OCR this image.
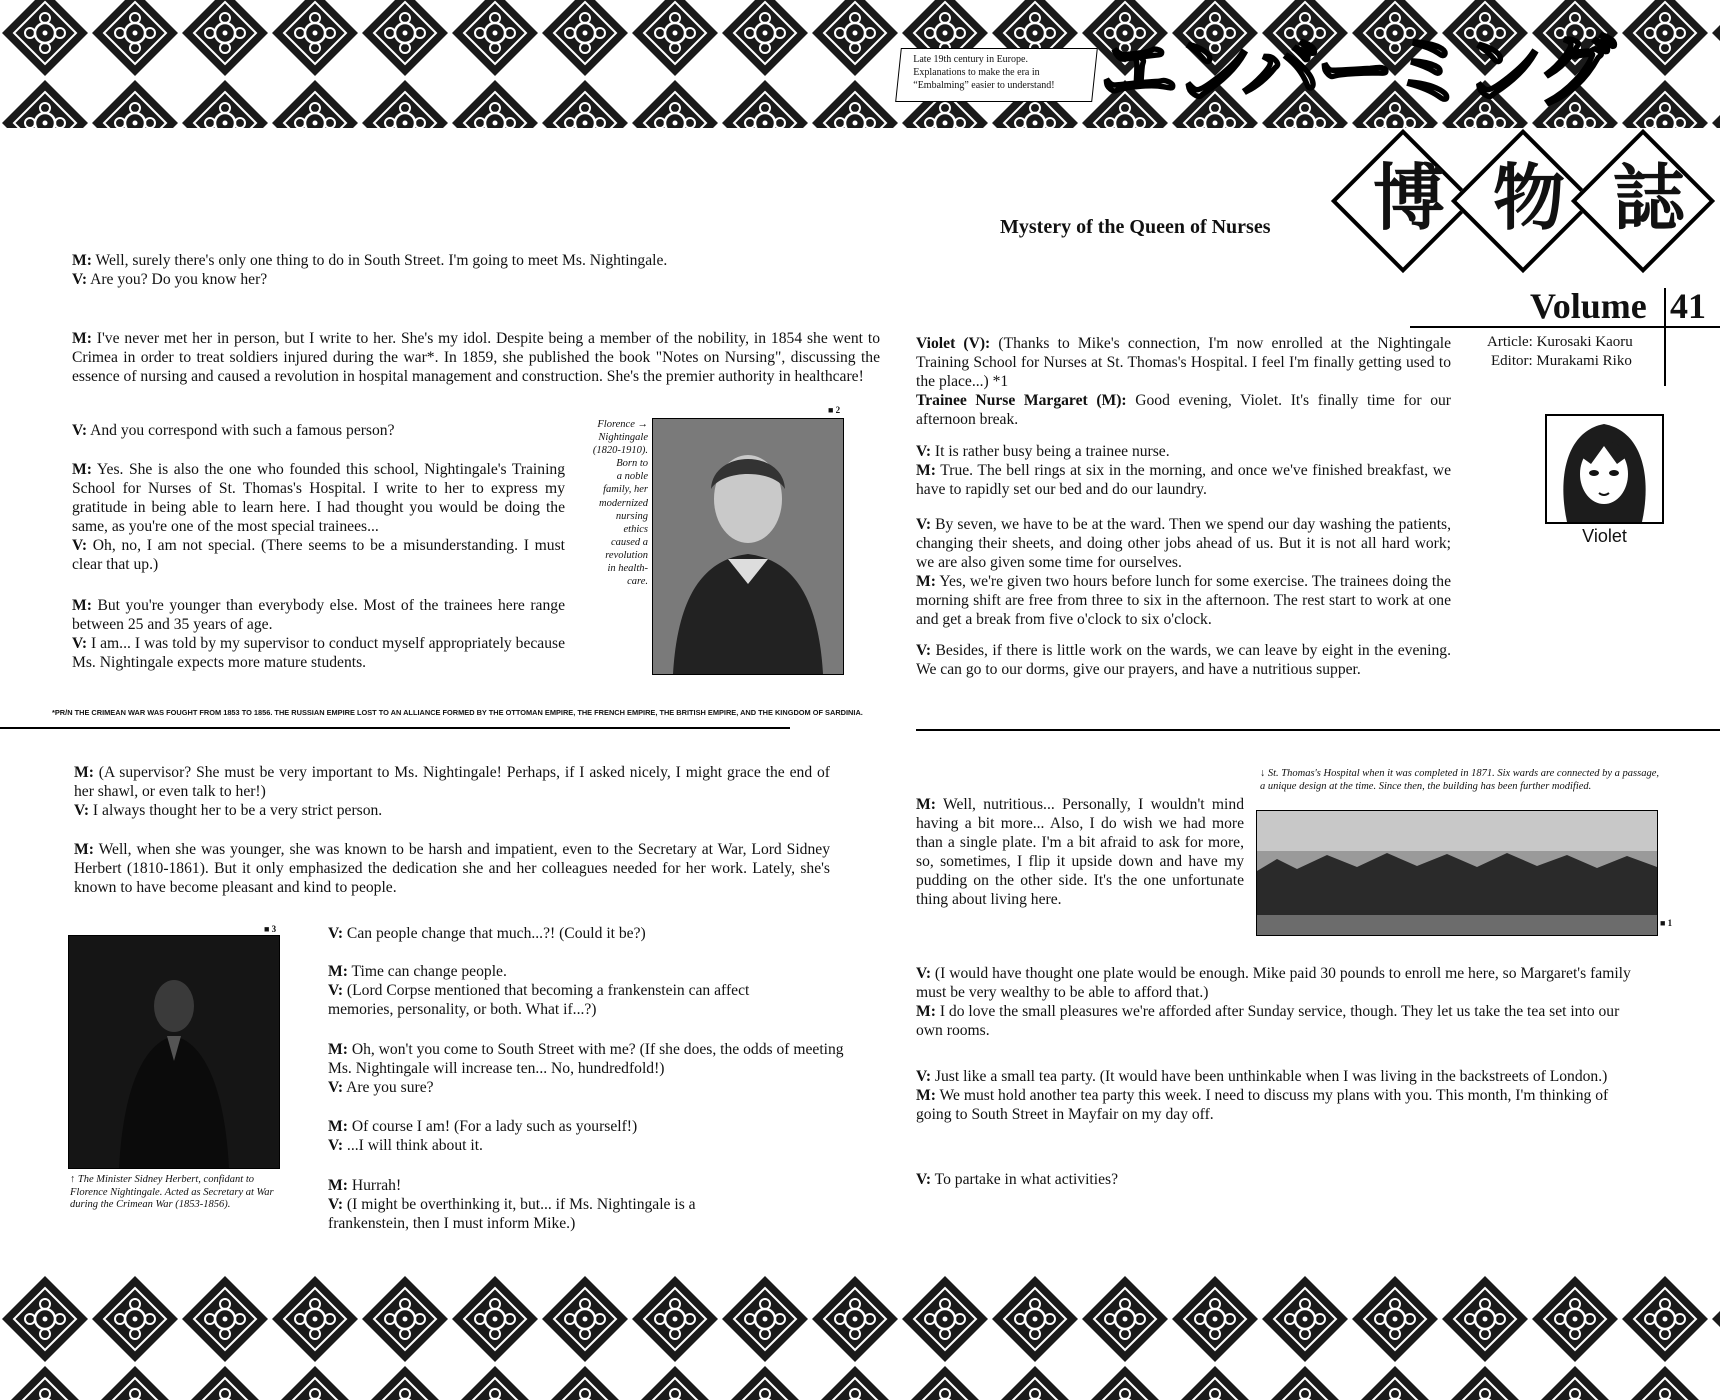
Late 19th century in Europe.
Explanations to make the era in
“Embalming” easier to understand! エンバーミング
博 物 誌
Mystery of the Queen of Nurses
Volume 41
Article: Kurosaki Kaoru
Editor: Murakami Riko
Violet

M: Well, surely there's only one thing to do in South Street. I'm going to meet Ms. Nightingale.

V: Are you? Do you know her?

M: I've never met her in person, but I write to her. She's my idol. Despite being a member of the nobility, in 1854 she went to Crimea in order to treat soldiers injured during the war*. In 1859, she published the book "Notes on Nursing", discussing the essence of nursing and caused a revolution in hospital management and construction. She's the premier authority in healthcare!

V: And you correspond with such a famous person?

M: Yes. She is also the one who founded this school, Nightingale's Training School for Nurses of St. Thomas's Hospital. I write to her to express my gratitude in being able to learn here. I had thought you would be doing the same, as you're one of the most special trainees...

V: Oh, no, I am not special. (There seems to be a misunderstanding. I must clear that up.)

M: But you're younger than everybody else. Most of the trainees here range between 25 and 35 years of age.

V: I am... I was told by my supervisor to conduct myself appropriately because Ms. Nightingale expects more mature students.

Florence →
Nightingale
(1820-1910).
Born to
a noble
family, her
modernized
nursing
ethics
caused a
revolution
in health-
care.
■ 2
*PR/N THE CRIMEAN WAR WAS FOUGHT FROM 1853 TO 1856. THE RUSSIAN EMPIRE LOST TO AN ALLIANCE FORMED BY THE OTTOMAN EMPIRE, THE FRENCH EMPIRE, THE BRITISH EMPIRE, AND THE KINGDOM OF SARDINIA.

Violet (V): (Thanks to Mike's connection, I'm now enrolled at the Nightingale Training School for Nurses at St. Thomas's Hospital. I feel I'm finally getting used to the place...) *1

Trainee Nurse Margaret (M): Good evening, Violet. It's finally time for our afternoon break.

V: It is rather busy being a trainee nurse.

M: True. The bell rings at six in the morning, and once we've finished breakfast, we have to rapidly set our bed and do our laundry.

V: By seven, we have to be at the ward. Then we spend our day washing the patients, changing their sheets, and doing other jobs ahead of us. But it is not all hard work; we are also given some time for ourselves.

M: Yes, we're given two hours before lunch for some exercise. The trainees doing the morning shift are free from three to six in the afternoon. The rest start to work at one and get a break from five o'clock to six o'clock.

V: Besides, if there is little work on the wards, we can leave by eight in the evening. We can go to our dorms, give our prayers, and have a nutritious supper.

M: (A supervisor? She must be very important to Ms. Nightingale! Perhaps, if I asked nicely, I might grace the end of her shawl, or even talk to her!)

V: I always thought her to be a very strict person.

M: Well, when she was younger, she was known to be harsh and impatient, even to the Secretary at War, Lord Sidney Herbert (1810-1861). But it only emphasized the dedication she and her colleagues needed for her work. Lately, she's known to have become pleasant and kind to people.

■ 3
↑ The Minister Sidney Herbert, confidant to Florence Nightingale. Acted as Secretary at War during the Crimean War (1853-1856).

V: Can people change that much...?! (Could it be?)

M: Time can change people.

V: (Lord Corpse mentioned that becoming a frankenstein can affect memories, personality, or both. What if...?)

M: Oh, won't you come to South Street with me? (If she does, the odds of meeting Ms. Nightingale will increase ten... No, hundredfold!)

V: Are you sure?

M: Of course I am! (For a lady such as yourself!)

V: ...I will think about it.

M: Hurrah!

V: (I might be overthinking it, but... if Ms. Nightingale is a frankenstein, then I must inform Mike.)

↓ St. Thomas's Hospital when it was completed in 1871. Six wards are connected by a passage, a unique design at the time. Since then, the building has been further modified.

M: Well, nutritious... Personally, I wouldn't mind having a bit more... Also, I do wish we had more than a single plate. I'm a bit afraid to ask for more, so, sometimes, I flip it upside down and have my pudding on the other side. It's the one unfortunate thing about living here.

■ 1

V: (I would have thought one plate would be enough. Mike paid 30 pounds to enroll me here, so Margaret's family must be very wealthy to be able to afford that.)

M: I do love the small pleasures we're afforded after Sunday service, though. They let us take the tea set into our own rooms.

V: Just like a small tea party. (It would have been unthinkable when I was living in the backstreets of London.)

M: We must hold another tea party this week. I need to discuss my plans with you. This month, I'm thinking of going to South Street in Mayfair on my day off.

V: To partake in what activities?
